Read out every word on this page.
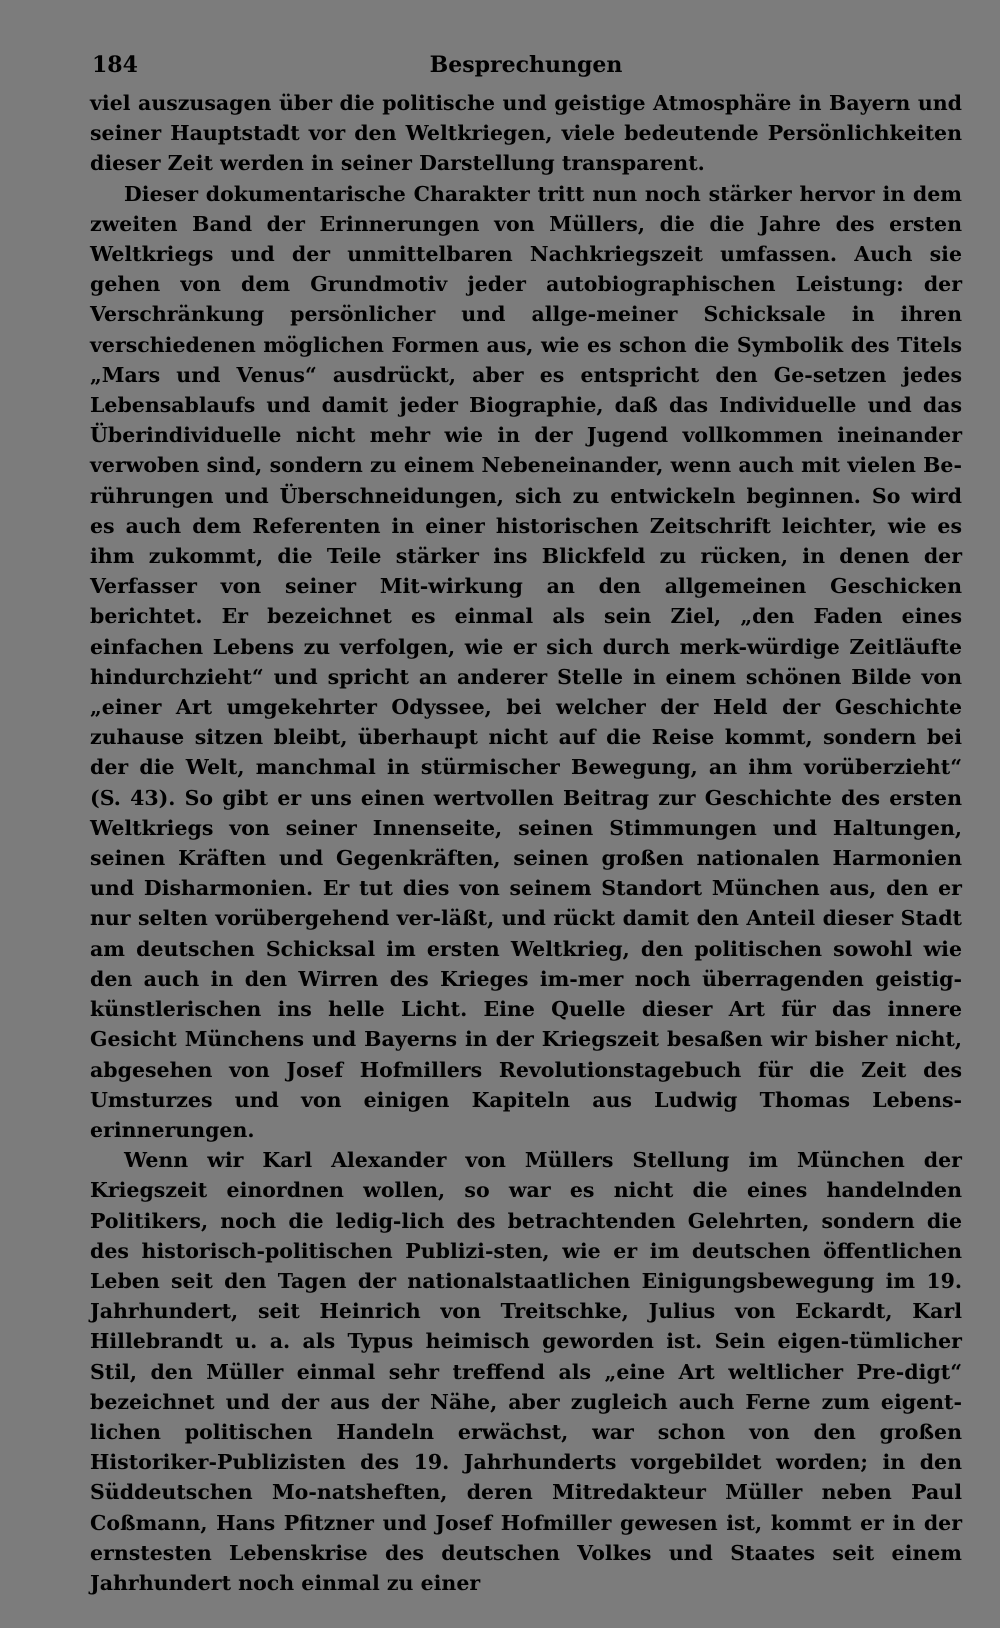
184	Besprechungen

viel auszusagen über die politische und geistige Atmosphäre in Bayern und seiner Hauptstadt vor den Weltkriegen, viele bedeutende Persönlichkeiten dieser Zeit werden in seiner Darstellung transparent.

Dieser dokumentarische Charakter tritt nun noch stärker hervor in dem zweiten Band der Erinnerungen von Müllers, die die Jahre des ersten Weltkriegs und der unmittelbaren Nachkriegszeit umfassen. Auch sie gehen von dem Grundmotiv jeder autobiographischen Leistung: der Verschränkung persönlicher und allge-meiner Schicksale in ihren verschiedenen möglichen Formen aus, wie es schon die Symbolik des Titels „Mars und Venus“ ausdrückt, aber es entspricht den Ge-setzen jedes Lebensablaufs und damit jeder Biographie, daß das Individuelle und das Überindividuelle nicht mehr wie in der Jugend vollkommen ineinander verwoben sind, sondern zu einem Nebeneinander, wenn auch mit vielen Be-rührungen und Überschneidungen, sich zu entwickeln beginnen. So wird es auch dem Referenten in einer historischen Zeitschrift leichter, wie es ihm zukommt, die Teile stärker ins Blickfeld zu rücken, in denen der Verfasser von seiner Mit-wirkung an den allgemeinen Geschicken berichtet. Er bezeichnet es einmal als sein Ziel, „den Faden eines einfachen Lebens zu verfolgen, wie er sich durch merk-würdige Zeitläufte hindurchzieht“ und spricht an anderer Stelle in einem schönen Bilde von „einer Art umgekehrter Odyssee, bei welcher der Held der Geschichte zuhause sitzen bleibt, überhaupt nicht auf die Reise kommt, sondern bei der die Welt, manchmal in stürmischer Bewegung, an ihm vorüberzieht“ (S. 43). So gibt er uns einen wertvollen Beitrag zur Geschichte des ersten Weltkriegs von seiner Innenseite, seinen Stimmungen und Haltungen, seinen Kräften und Gegenkräften, seinen großen nationalen Harmonien und Disharmonien. Er tut dies von seinem Standort München aus, den er nur selten vorübergehend ver-läßt, und rückt damit den Anteil dieser Stadt am deutschen Schicksal im ersten Weltkrieg, den politischen sowohl wie den auch in den Wirren des Krieges im-mer noch überragenden geistig-künstlerischen ins helle Licht. Eine Quelle dieser Art für das innere Gesicht Münchens und Bayerns in der Kriegszeit besaßen wir bisher nicht, abgesehen von Josef Hofmillers Revolutionstagebuch für die Zeit des Umsturzes und von einigen Kapiteln aus Ludwig Thomas Lebens-erinnerungen.

Wenn wir Karl Alexander von Müllers Stellung im München der Kriegszeit einordnen wollen, so war es nicht die eines handelnden Politikers, noch die ledig-lich des betrachtenden Gelehrten, sondern die des historisch-politischen Publizi-sten, wie er im deutschen öffentlichen Leben seit den Tagen der nationalstaatlichen Einigungsbewegung im 19. Jahrhundert, seit Heinrich von Treitschke, Julius von Eckardt, Karl Hillebrandt u. a. als Typus heimisch geworden ist. Sein eigen-tümlicher Stil, den Müller einmal sehr treffend als „eine Art weltlicher Pre-digt“ bezeichnet und der aus der Nähe, aber zugleich auch Ferne zum eigent-lichen politischen Handeln erwächst, war schon von den großen Historiker-Publizisten des 19. Jahrhunderts vorgebildet worden; in den Süddeutschen Mo-natsheften, deren Mitredakteur Müller neben Paul Coßmann, Hans Pfitzner und Josef Hofmiller gewesen ist, kommt er in der ernstesten Lebenskrise des deutschen Volkes und Staates seit einem Jahrhundert noch einmal zu einer
